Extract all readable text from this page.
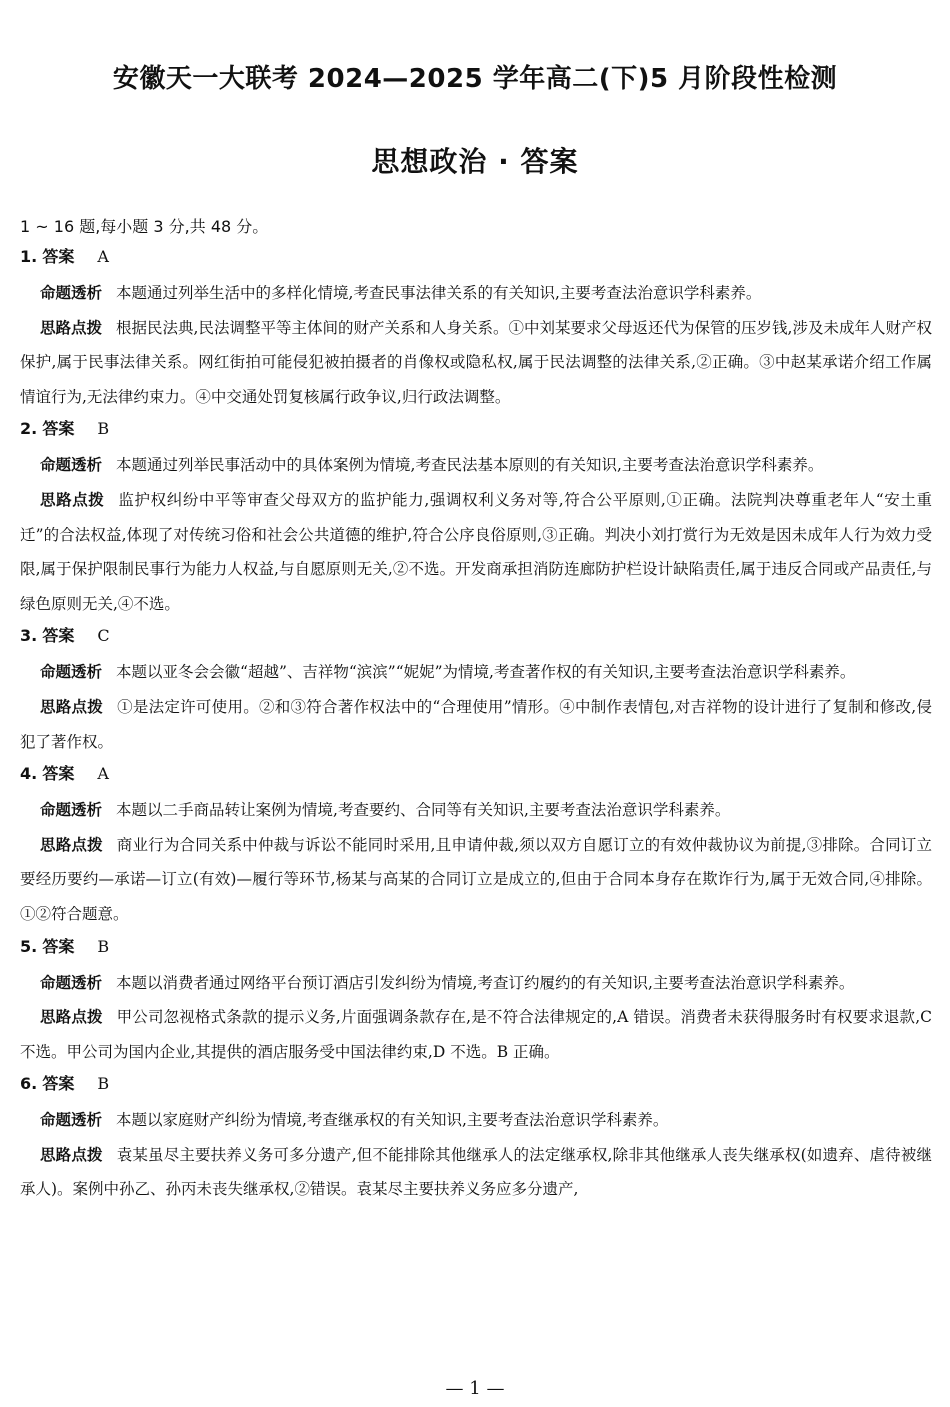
安徽天一大联考 2024—2025 学年高二(下)5 月阶段性检测
思想政治 · 答案
1 ~ 16 题,每小题 3 分,共 48 分。
1. 答案 A

命题透析 本题通过列举生活中的多样化情境,考查民事法律关系的有关知识,主要考查法治意识学科素养。

思路点拨 根据民法典,民法调整平等主体间的财产关系和人身关系。①中刘某要求父母返还代为保管的压岁钱,涉及未成年人财产权保护,属于民事法律关系。网红街拍可能侵犯被拍摄者的肖像权或隐私权,属于民法调整的法律关系,②正确。③中赵某承诺介绍工作属情谊行为,无法律约束力。④中交通处罚复核属行政争议,归行政法调整。

2. 答案 B

命题透析 本题通过列举民事活动中的具体案例为情境,考查民法基本原则的有关知识,主要考查法治意识学科素养。

思路点拨 监护权纠纷中平等审查父母双方的监护能力,强调权利义务对等,符合公平原则,①正确。法院判决尊重老年人“安土重迁”的合法权益,体现了对传统习俗和社会公共道德的维护,符合公序良俗原则,③正确。判决小刘打赏行为无效是因未成年人行为效力受限,属于保护限制民事行为能力人权益,与自愿原则无关,②不选。开发商承担消防连廊防护栏设计缺陷责任,属于违反合同或产品责任,与绿色原则无关,④不选。

3. 答案 C

命题透析 本题以亚冬会会徽“超越”、吉祥物“滨滨”“妮妮”为情境,考查著作权的有关知识,主要考查法治意识学科素养。

思路点拨 ①是法定许可使用。②和③符合著作权法中的“合理使用”情形。④中制作表情包,对吉祥物的设计进行了复制和修改,侵犯了著作权。

4. 答案 A

命题透析 本题以二手商品转让案例为情境,考查要约、合同等有关知识,主要考查法治意识学科素养。

思路点拨 商业行为合同关系中仲裁与诉讼不能同时采用,且申请仲裁,须以双方自愿订立的有效仲裁协议为前提,③排除。合同订立要经历要约—承诺—订立(有效)—履行等环节,杨某与高某的合同订立是成立的,但由于合同本身存在欺诈行为,属于无效合同,④排除。①②符合题意。

5. 答案 B

命题透析 本题以消费者通过网络平台预订酒店引发纠纷为情境,考查订约履约的有关知识,主要考查法治意识学科素养。

思路点拨 甲公司忽视格式条款的提示义务,片面强调条款存在,是不符合法律规定的,A 错误。消费者未获得服务时有权要求退款,C 不选。甲公司为国内企业,其提供的酒店服务受中国法律约束,D 不选。B 正确。

6. 答案 B

命题透析 本题以家庭财产纠纷为情境,考查继承权的有关知识,主要考查法治意识学科素养。

思路点拨 袁某虽尽主要扶养义务可多分遗产,但不能排除其他继承人的法定继承权,除非其他继承人丧失继承权(如遗弃、虐待被继承人)。案例中孙乙、孙丙未丧失继承权,②错误。袁某尽主要扶养义务应多分遗产,

— 1 —
